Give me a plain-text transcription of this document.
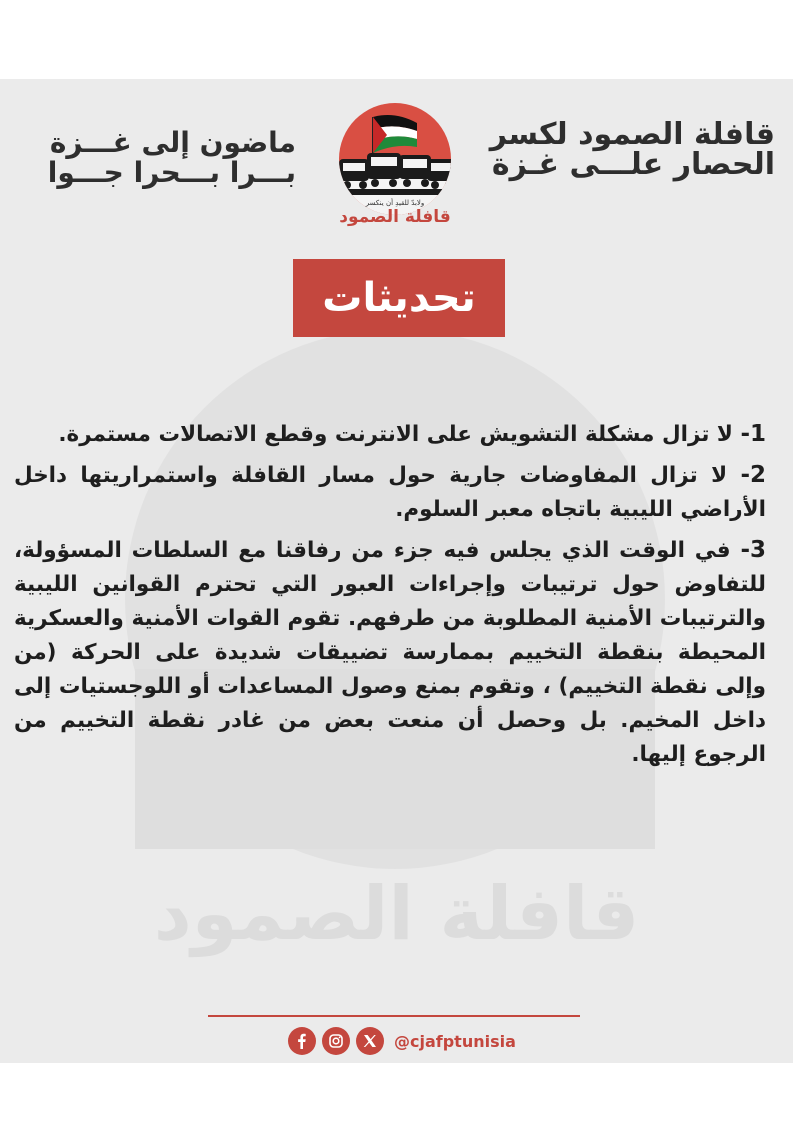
قافلة الصمود
قافلة الصمود لكسر
الحصار علـــى غـزة
ماضون إلى غـــزة
بـــرا بـــحرا جـــوا
ولابدّ للقيدِ أن ينكسر
قافلة الصمود
تحديثات
1- لا تزال مشكلة التشويش على الانترنت وقطع الاتصالات مستمرة.
2- لا تزال المفاوضات جارية حول مسار القافلة واستمراريتها داخل الأراضي الليبية باتجاه معبر السلوم.
3- في الوقت الذي يجلس فيه جزء من رفاقنا مع السلطات المسؤولة، للتفاوض حول ترتيبات وإجراءات العبور التي تحترم القوانين الليبية والترتيبات الأمنية المطلوبة من طرفهم. تقوم القوات الأمنية والعسكرية المحيطة بنقطة التخييم بممارسة تضييقات شديدة على الحركة (من وإلى نقطة التخييم) ، وتقوم بمنع وصول المساعدات أو اللوجستيات إلى داخل المخيم. بل وحصل أن منعت بعض من غادر نقطة التخييم من الرجوع إليها.
@cjafptunisia
